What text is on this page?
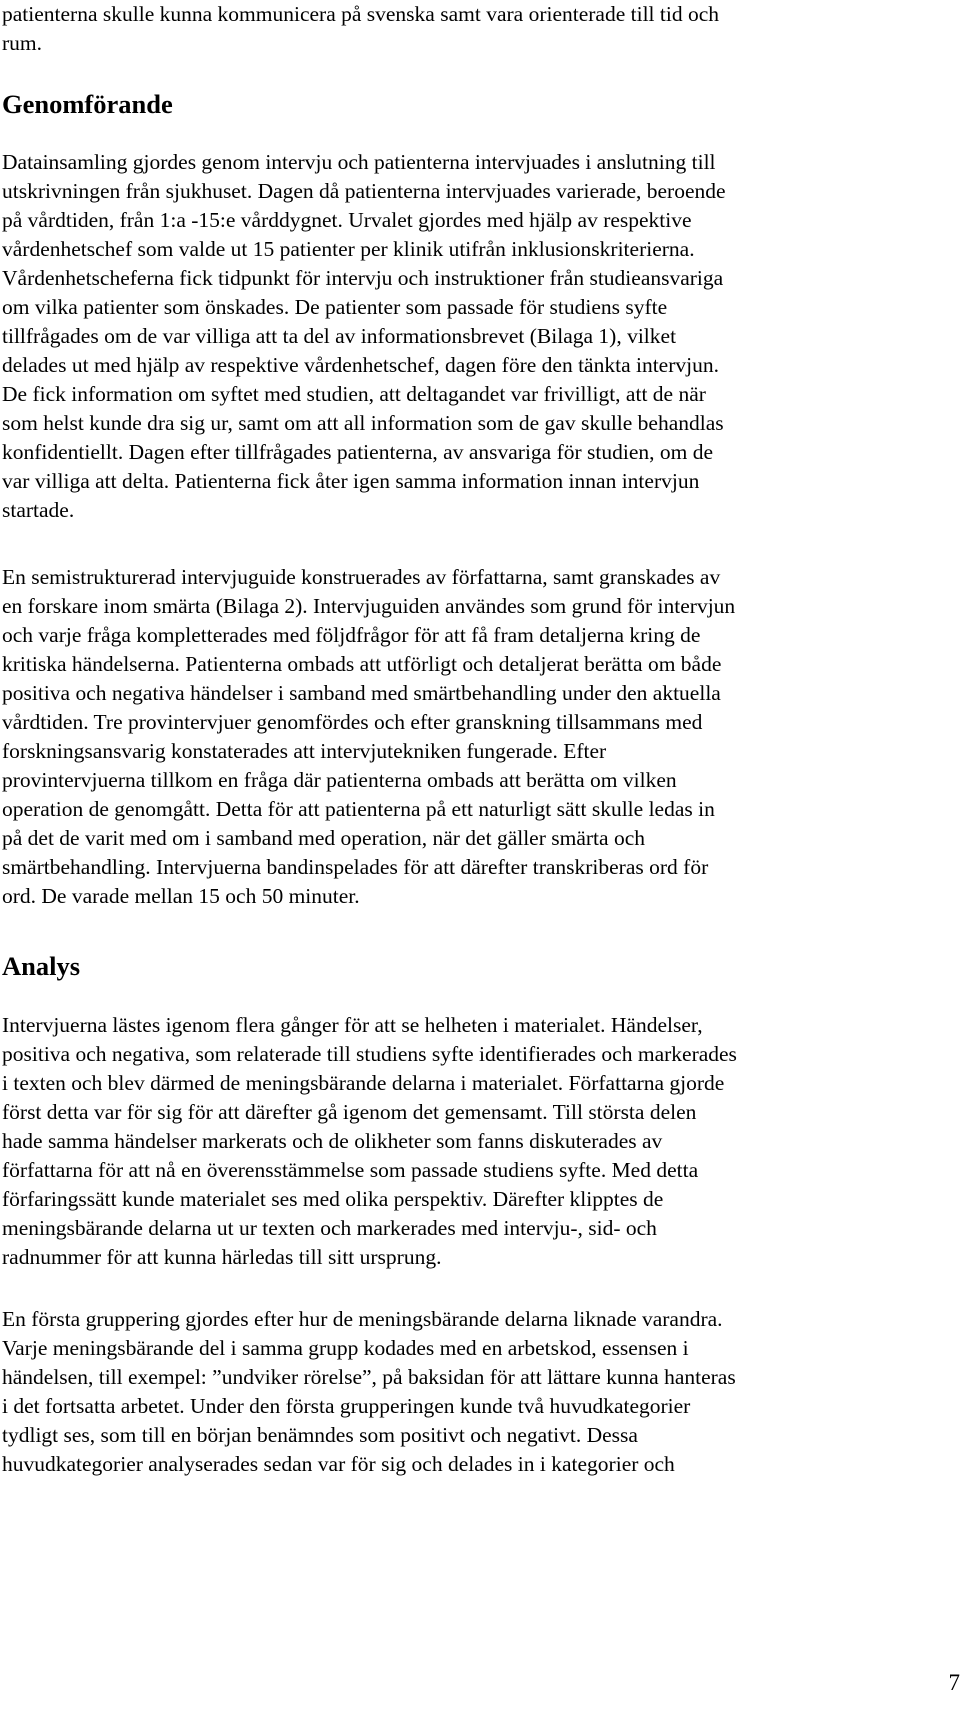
patienterna skulle kunna kommunicera på svenska samt vara orienterade till tid och
rum.
Genomförande
Datainsamling gjordes genom intervju och patienterna intervjuades i anslutning till
utskrivningen från sjukhuset. Dagen då patienterna intervjuades varierade, beroende
på vårdtiden, från 1:a -15:e vårddygnet. Urvalet gjordes med hjälp av respektive
vårdenhetschef som valde ut 15 patienter per klinik utifrån inklusionskriterierna.
Vårdenhetscheferna fick tidpunkt för intervju och instruktioner från studieansvariga
om vilka patienter som önskades. De patienter som passade för studiens syfte
tillfrågades om de var villiga att ta del av informationsbrevet (Bilaga 1), vilket
delades ut med hjälp av respektive vårdenhetschef, dagen före den tänkta intervjun.
De fick information om syftet med studien, att deltagandet var frivilligt, att de när
som helst kunde dra sig ur, samt om att all information som de gav skulle behandlas
konfidentiellt. Dagen efter tillfrågades patienterna, av ansvariga för studien, om de
var villiga att delta. Patienterna fick åter igen samma information innan intervjun
startade.
En semistrukturerad intervjuguide konstruerades av författarna, samt granskades av
en forskare inom smärta (Bilaga 2). Intervjuguiden användes som grund för intervjun
och varje fråga kompletterades med följdfrågor för att få fram detaljerna kring de
kritiska händelserna. Patienterna ombads att utförligt och detaljerat berätta om både
positiva och negativa händelser i samband med smärtbehandling under den aktuella
vårdtiden. Tre provintervjuer genomfördes och efter granskning tillsammans med
forskningsansvarig konstaterades att intervjutekniken fungerade. Efter
provintervjuerna tillkom en fråga där patienterna ombads att berätta om vilken
operation de genomgått. Detta för att patienterna på ett naturligt sätt skulle ledas in
på det de varit med om i samband med operation, när det gäller smärta och
smärtbehandling. Intervjuerna bandinspelades för att därefter transkriberas ord för
ord. De varade mellan 15 och 50 minuter.
Analys
Intervjuerna lästes igenom flera gånger för att se helheten i materialet. Händelser,
positiva och negativa, som relaterade till studiens syfte identifierades och markerades
i texten och blev därmed de meningsbärande delarna i materialet. Författarna gjorde
först detta var för sig för att därefter gå igenom det gemensamt. Till största delen
hade samma händelser markerats och de olikheter som fanns diskuterades av
författarna för att nå en överensstämmelse som passade studiens syfte. Med detta
förfaringssätt kunde materialet ses med olika perspektiv. Därefter klipptes de
meningsbärande delarna ut ur texten och markerades med intervju-, sid- och
radnummer för att kunna härledas till sitt ursprung.
En första gruppering gjordes efter hur de meningsbärande delarna liknade varandra.
Varje meningsbärande del i samma grupp kodades med en arbetskod, essensen i
händelsen, till exempel: ”undviker rörelse”, på baksidan för att lättare kunna hanteras
i det fortsatta arbetet. Under den första grupperingen kunde två huvudkategorier
tydligt ses, som till en början benämndes som positivt och negativt. Dessa
huvudkategorier analyserades sedan var för sig och delades in i kategorier och
7
